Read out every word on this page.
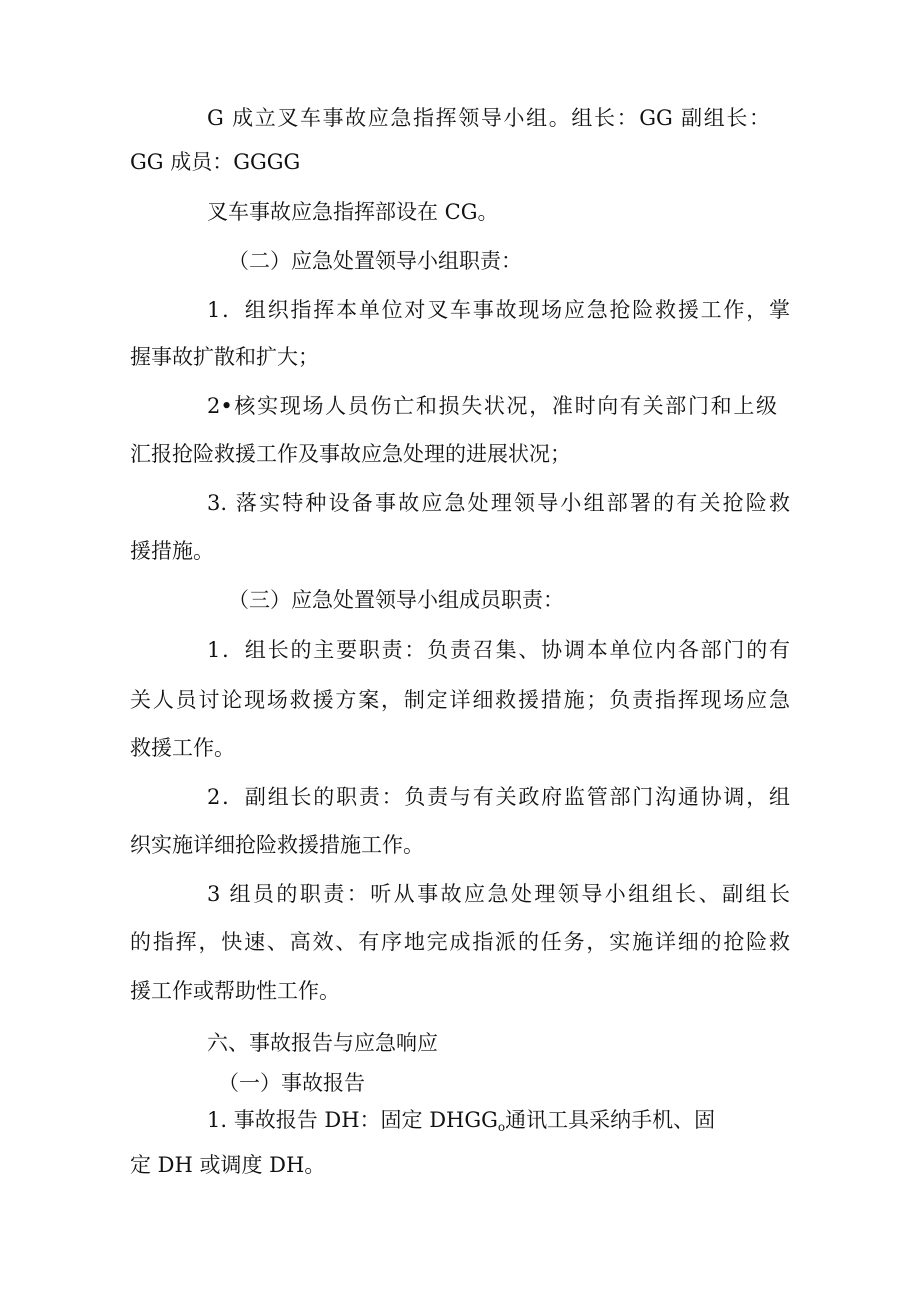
G 成立叉车事故应急指挥领导小组。组长：GG 副组长：
GG 成员：GGGG
叉车事故应急指挥部设在 CG。
（二）应急处置领导小组职责：
1．组织指挥本单位对叉车事故现场应急抢险救援工作，掌
握事故扩散和扩大；
2•核实现场人员伤亡和损失状况，准时向有关部门和上级
汇报抢险救援工作及事故应急处理的进展状况；
3. 落实特种设备事故应急处理领导小组部署的有关抢险救
援措施。
（三）应急处置领导小组成员职责：
1．组长的主要职责：负责召集、协调本单位内各部门的有
关人员讨论现场救援方案，制定详细救援措施；负责指挥现场应急
救援工作。
2．副组长的职责：负责与有关政府监管部门沟通协调，组
织实施详细抢险救援措施工作。
3 组员的职责：听从事故应急处理领导小组组长、副组长
的指挥，快速、高效、有序地完成指派的任务，实施详细的抢险救
援工作或帮助性工作。
六、事故报告与应急响应
（一）事故报告
1. 事故报告 DH：固定 $DHGG_o$通讯工具采纳手机、固
定 DH 或调度 DH。
